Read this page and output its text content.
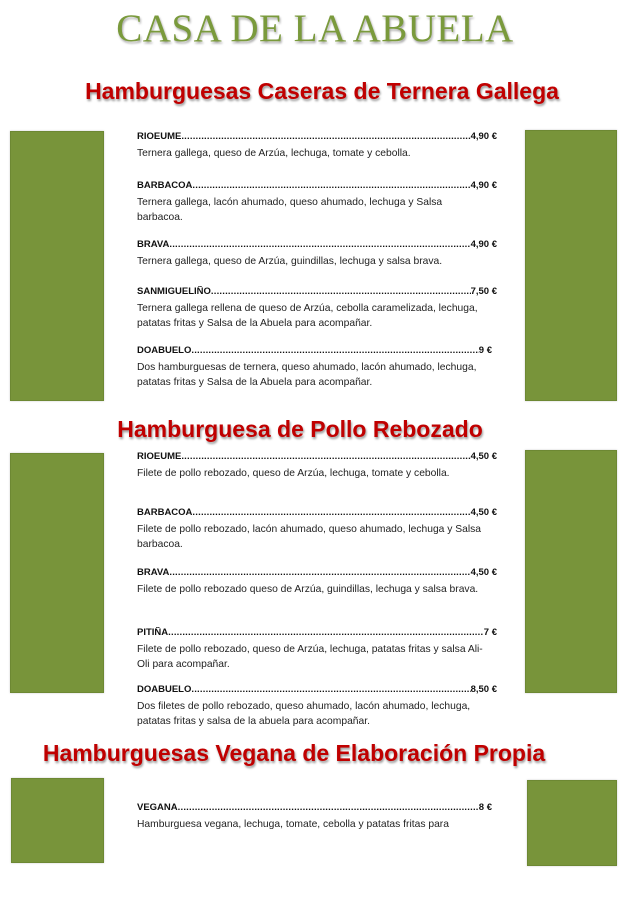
CASA DE LA ABUELA
Hamburguesas Caseras de Ternera Gallega
Hamburguesa de Pollo Rebozado
Hamburguesas Vegana de Elaboración Propia
RIOEUME .....	4,90 €
Ternera gallega, queso de Arzúa, lechuga, tomate y cebolla.
BARBACOA .....	4,90 €
Ternera gallega, lacón ahumado, queso ahumado, lechuga y Salsa barbacoa.
BRAVA .....	4,90 €
Ternera gallega, queso de Arzúa, guindillas, lechuga y salsa brava.
SANMIGUELIÑO .....	7,50 €
Ternera gallega rellena de queso de Arzúa, cebolla caramelizada, lechuga, patatas fritas y Salsa de la Abuela para acompañar.
DOABUELO .....	9 €
Dos hamburguesas de ternera, queso ahumado, lacón ahumado, lechuga, patatas fritas y Salsa de la Abuela para acompañar.
RIOEUME .....	4,50 €
Filete de pollo rebozado, queso de Arzúa, lechuga, tomate y cebolla.
BARBACOA .....	4,50 €
Filete de pollo rebozado, lacón ahumado, queso ahumado, lechuga y Salsa barbacoa.
BRAVA .....	4,50 €
Filete de pollo rebozado queso de Arzúa, guindillas, lechuga y salsa brava.
PITIÑA .....	7 €
Filete de pollo rebozado, queso de Arzúa, lechuga, patatas fritas y salsa Ali-Oli para acompañar.
DOABUELO .....	8,50 €
Dos filetes de pollo rebozado, queso ahumado, lacón ahumado, lechuga, patatas fritas y salsa de la abuela para acompañar.
VEGANA .....	8 €
Hamburguesa vegana, lechuga, tomate, cebolla y patatas fritas para
